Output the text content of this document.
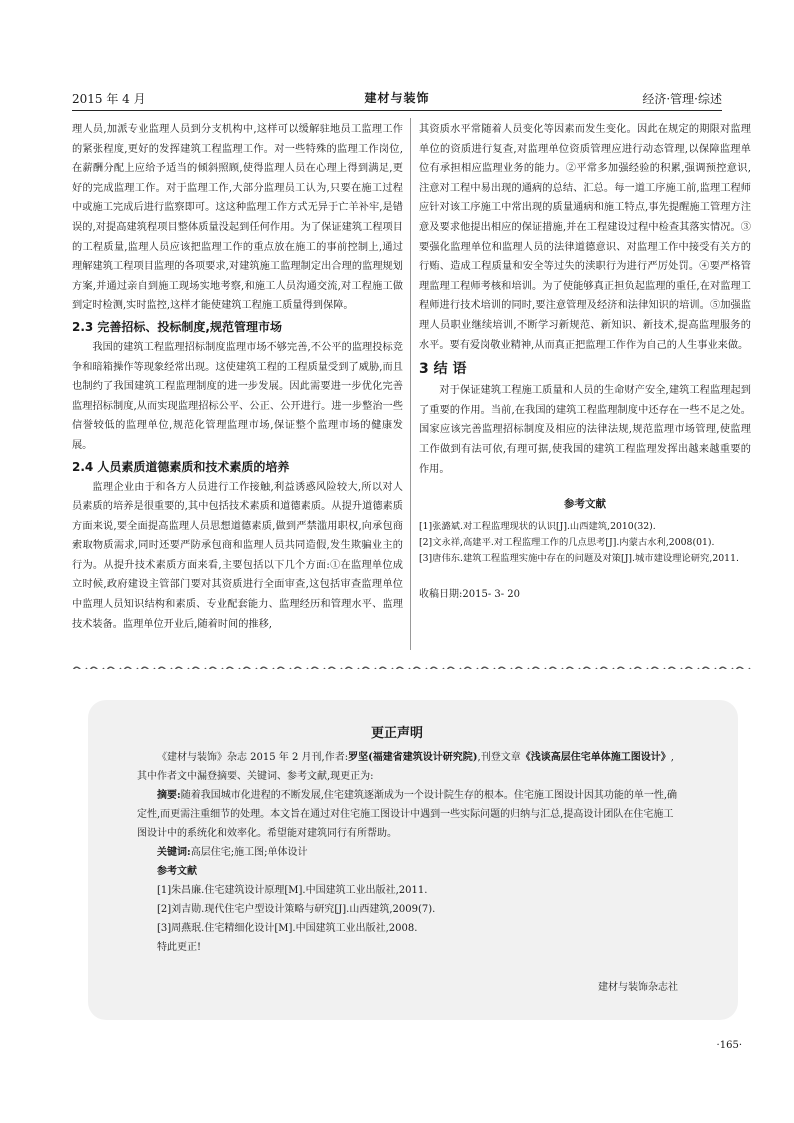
2015 年 4 月	建材与装饰	经济·管理·综述

理人员,加派专业监理人员到分支机构中,这样可以缓解驻地员工监理工作的紧张程度,更好的发挥建筑工程监理工作。对一些特殊的监理工作岗位,在薪酬分配上应给予适当的倾斜照顾,使得监理人员在心理上得到满足,更好的完成监理工作。对于监理工作,大部分监理员工认为,只要在施工过程中或施工完成后进行监察即可。这这种监理工作方式无异于亡羊补牢,是错误的,对提高建筑程项目整体质量没起到任何作用。为了保证建筑工程项目的工程质量,监理人员应该把监理工作的重点放在施工的事前控制上,通过理解建筑工程项目监理的各项要求,对建筑施工监理制定出合理的监理规划方案,并通过亲自到施工现场实地考察,和施工人员沟通交流,对工程施工做到定时检测,实时监控,这样才能使建筑工程施工质量得到保障。

2.3 完善招标、投标制度,规范管理市场

我国的建筑工程监理招标制度监理市场不够完善,不公平的监理投标竞争和暗箱操作等现象经常出现。这使建筑工程的工程质量受到了威胁,而且也制约了我国建筑工程监理制度的进一步发展。因此需要进一步优化完善监理招标制度,从而实现监理招标公平、公正、公开进行。进一步整治一些信誉较低的监理单位,规范化管理监理市场,保证整个监理市场的健康发展。

2.4 人员素质道德素质和技术素质的培养

监理企业由于和各方人员进行工作接触,利益诱惑风险较大,所以对人员素质的培养是很重要的,其中包括技术素质和道德素质。从提升道德素质方面来说,要全面提高监理人员思想道德素质,做到严禁滥用职权,向承包商索取物质需求,同时还要严防承包商和监理人员共同造假,发生欺骗业主的行为。从提升技术素质方面来看,主要包括以下几个方面:①在监理单位成立时候,政府建设主管部门要对其资质进行全面审查,这包括审查监理单位中监理人员知识结构和素质、专业配套能力、监理经历和管理水平、监理技术装备。监理单位开业后,随着时间的推移,

其资质水平常随着人员变化等因素而发生变化。因此在规定的期限对监理单位的资质进行复查,对监理单位资质管理应进行动态管理,以保障监理单位有承担相应监理业务的能力。②平常多加强经验的积累,强调预控意识,注意对工程中易出现的通病的总结、汇总。每一道工序施工前,监理工程师应针对该工序施工中常出现的质量通病和施工特点,事先提醒施工管理方注意及要求他提出相应的保证措施,并在工程建设过程中检查其落实情况。③要强化监理单位和监理人员的法律道德意识、对监理工作中接受有关方的行贿、造成工程质量和安全等过失的渎职行为进行严厉处罚。④要严格管理监理工程师考核和培训。为了使能够真正担负起监理的重任,在对监理工程师进行技术培训的同时,要注意管理及经济和法律知识的培训。⑤加强监理人员职业继续培训,不断学习新规范、新知识、新技术,提高监理服务的水平。要有爱岗敬业精神,从而真正把监理工作作为自己的人生事业来做。

3 结 语

对于保证建筑工程施工质量和人员的生命财产安全,建筑工程监理起到了重要的作用。当前,在我国的建筑工程监理制度中还存在一些不足之处。国家应该完善监理招标制度及相应的法律法规,规范监理市场管理,使监理工作做到有法可依,有理可据,使我国的建筑工程监理发挥出越来越重要的作用。

参考文献
[1]张潞斌.对工程监理现状的认识[J].山西建筑,2010(32).
[2]文永祥,高建平.对工程监理工作的几点思考[J].内蒙古水利,2008(01).
[3]唐伟东.建筑工程监理实施中存在的问题及对策[J].城市建设理论研究,2011.
收稿日期:2015- 3- 20
更正声明

《建材与装饰》杂志 2015 年 2 月刊,作者:罗坚(福建省建筑设计研究院),刊登文章《浅谈高层住宅单体施工图设计》,其中作者文中漏登摘要、关键词、参考文献,现更正为:

摘要:随着我国城市化进程的不断发展,住宅建筑逐渐成为一个设计院生存的根本。住宅施工图设计因其功能的单一性,确定性,而更需注重细节的处理。本文旨在通过对住宅施工图设计中遇到一些实际问题的归纳与汇总,提高设计团队在住宅施工图设计中的系统化和效率化。希望能对建筑同行有所帮助。

关键词:高层住宅;施工图;单体设计

参考文献

[1]朱昌廉.住宅建筑设计原理[M].中国建筑工业出版社,2011.

[2]刘吉勋.现代住宅户型设计策略与研究[J].山西建筑,2009(7).

[3]周燕珉.住宅精细化设计[M].中国建筑工业出版社,2008.

特此更正!

建材与装饰杂志社
·165·
